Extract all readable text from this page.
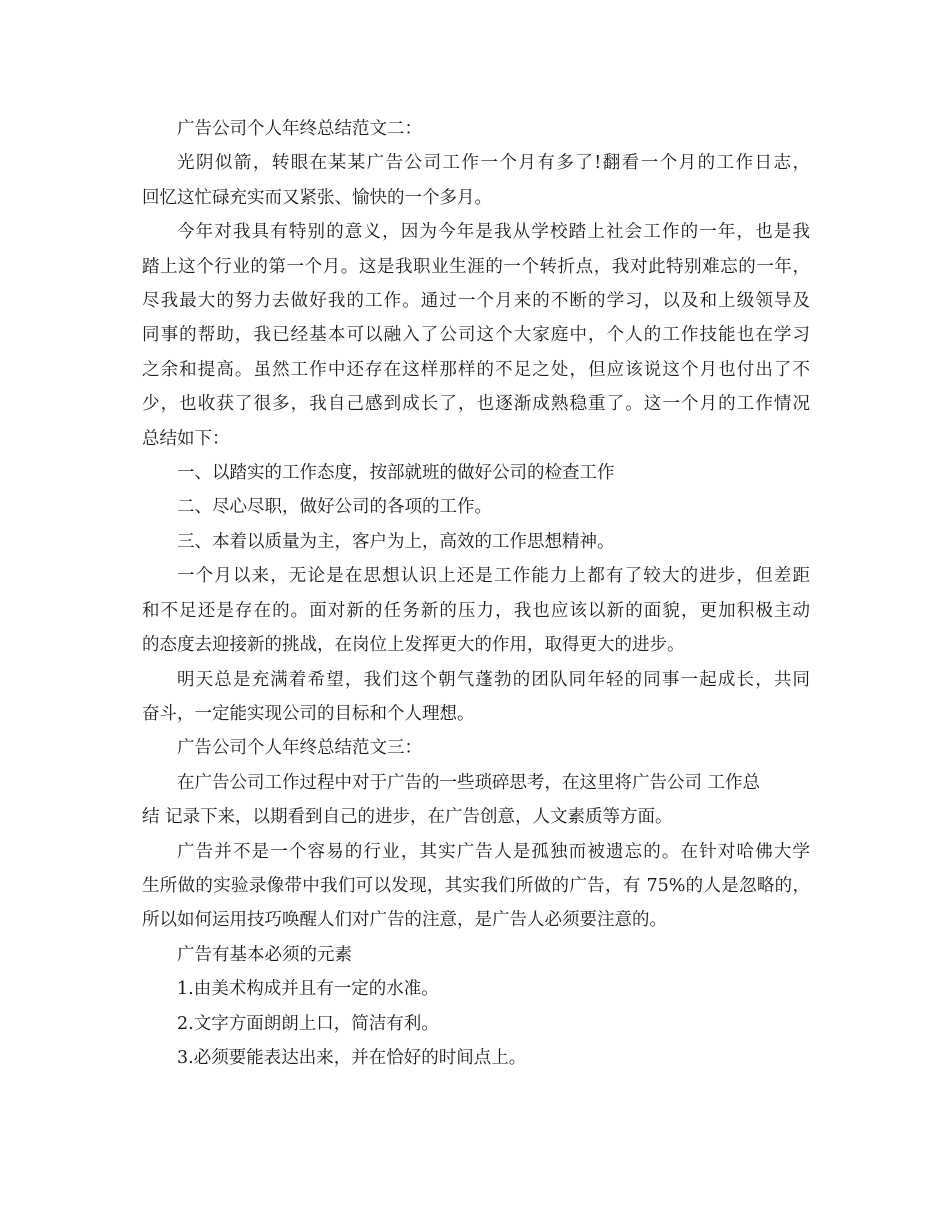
广告公司个人年终总结范文二：
光阴似箭，转眼在某某广告公司工作一个月有多了!翻看一个月的工作日志，
回忆这忙碌充实而又紧张、愉快的一个多月。
今年对我具有特别的意义，因为今年是我从学校踏上社会工作的一年，也是我
踏上这个行业的第一个月。这是我职业生涯的一个转折点，我对此特别难忘的一年，
尽我最大的努力去做好我的工作。通过一个月来的不断的学习，以及和上级领导及
同事的帮助，我已经基本可以融入了公司这个大家庭中，个人的工作技能也在学习
之余和提高。虽然工作中还存在这样那样的不足之处，但应该说这个月也付出了不
少，也收获了很多，我自己感到成长了，也逐渐成熟稳重了。这一个月的工作情况
总结如下：
一、以踏实的工作态度，按部就班的做好公司的检查工作
二、尽心尽职，做好公司的各项的工作。
三、本着以质量为主，客户为上，高效的工作思想精神。
一个月以来，无论是在思想认识上还是工作能力上都有了较大的进步，但差距
和不足还是存在的。面对新的任务新的压力，我也应该以新的面貌，更加积极主动
的态度去迎接新的挑战，在岗位上发挥更大的作用，取得更大的进步。
明天总是充满着希望，我们这个朝气蓬勃的团队同年轻的同事一起成长，共同
奋斗，一定能实现公司的目标和个人理想。
广告公司个人年终总结范文三：
在广告公司工作过程中对于广告的一些琐碎思考，在这里将广告公司 工作总
结 记录下来，以期看到自己的进步，在广告创意，人文素质等方面。
广告并不是一个容易的行业，其实广告人是孤独而被遗忘的。在针对哈佛大学
生所做的实验录像带中我们可以发现，其实我们所做的广告，有 75%的人是忽略的，
所以如何运用技巧唤醒人们对广告的注意，是广告人必须要注意的。
广告有基本必须的元素
1.由美术构成并且有一定的水准。
2.文字方面朗朗上口，简洁有利。
3.必须要能表达出来，并在恰好的时间点上。
